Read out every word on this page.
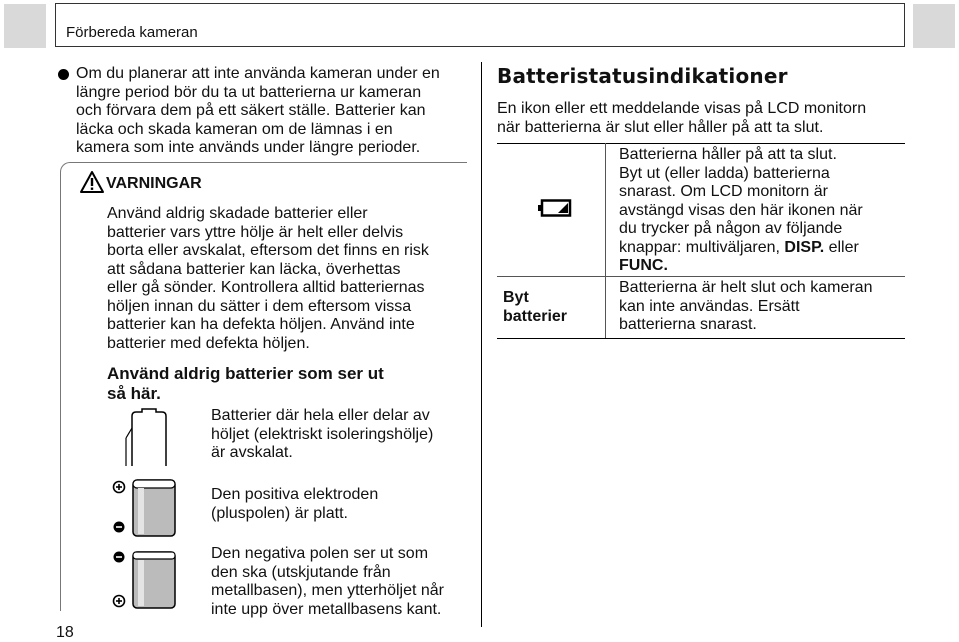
Förbereda kameran
Om du planerar att inte använda kameran under en
längre period bör du ta ut batterierna ur kameran
och förvara dem på ett säkert ställe. Batterier kan
läcka och skada kameran om de lämnas i en
kamera som inte används under längre perioder.
VARNINGAR
Använd aldrig skadade batterier eller
batterier vars yttre hölje är helt eller delvis
borta eller avskalat, eftersom det finns en risk
att sådana batterier kan läcka, överhettas
eller gå sönder. Kontrollera alltid batteriernas
höljen innan du sätter i dem eftersom vissa
batterier kan ha defekta höljen. Använd inte
batterier med defekta höljen.
Använd aldrig batterier som ser ut
så här.
Batterier där hela eller delar av
höljet (elektriskt isoleringshölje)
är avskalat.
Den positiva elektroden
(pluspolen) är platt.
Den negativa polen ser ut som
den ska (utskjutande från
metallbasen), men ytterhöljet når
inte upp över metallbasens kant.
18
Batteristatusindikationer
En ikon eller ett meddelande visas på LCD monitorn
när batterierna är slut eller håller på att ta slut.
Batterierna håller på att ta slut.
Byt ut (eller ladda) batterierna
snarast. Om LCD monitorn är
avstängd visas den här ikonen när
du trycker på någon av följande
knappar: multiväljaren, DISP. eller
FUNC.
Byt
batterier
Batterierna är helt slut och kameran
kan inte användas. Ersätt
batterierna snarast.
